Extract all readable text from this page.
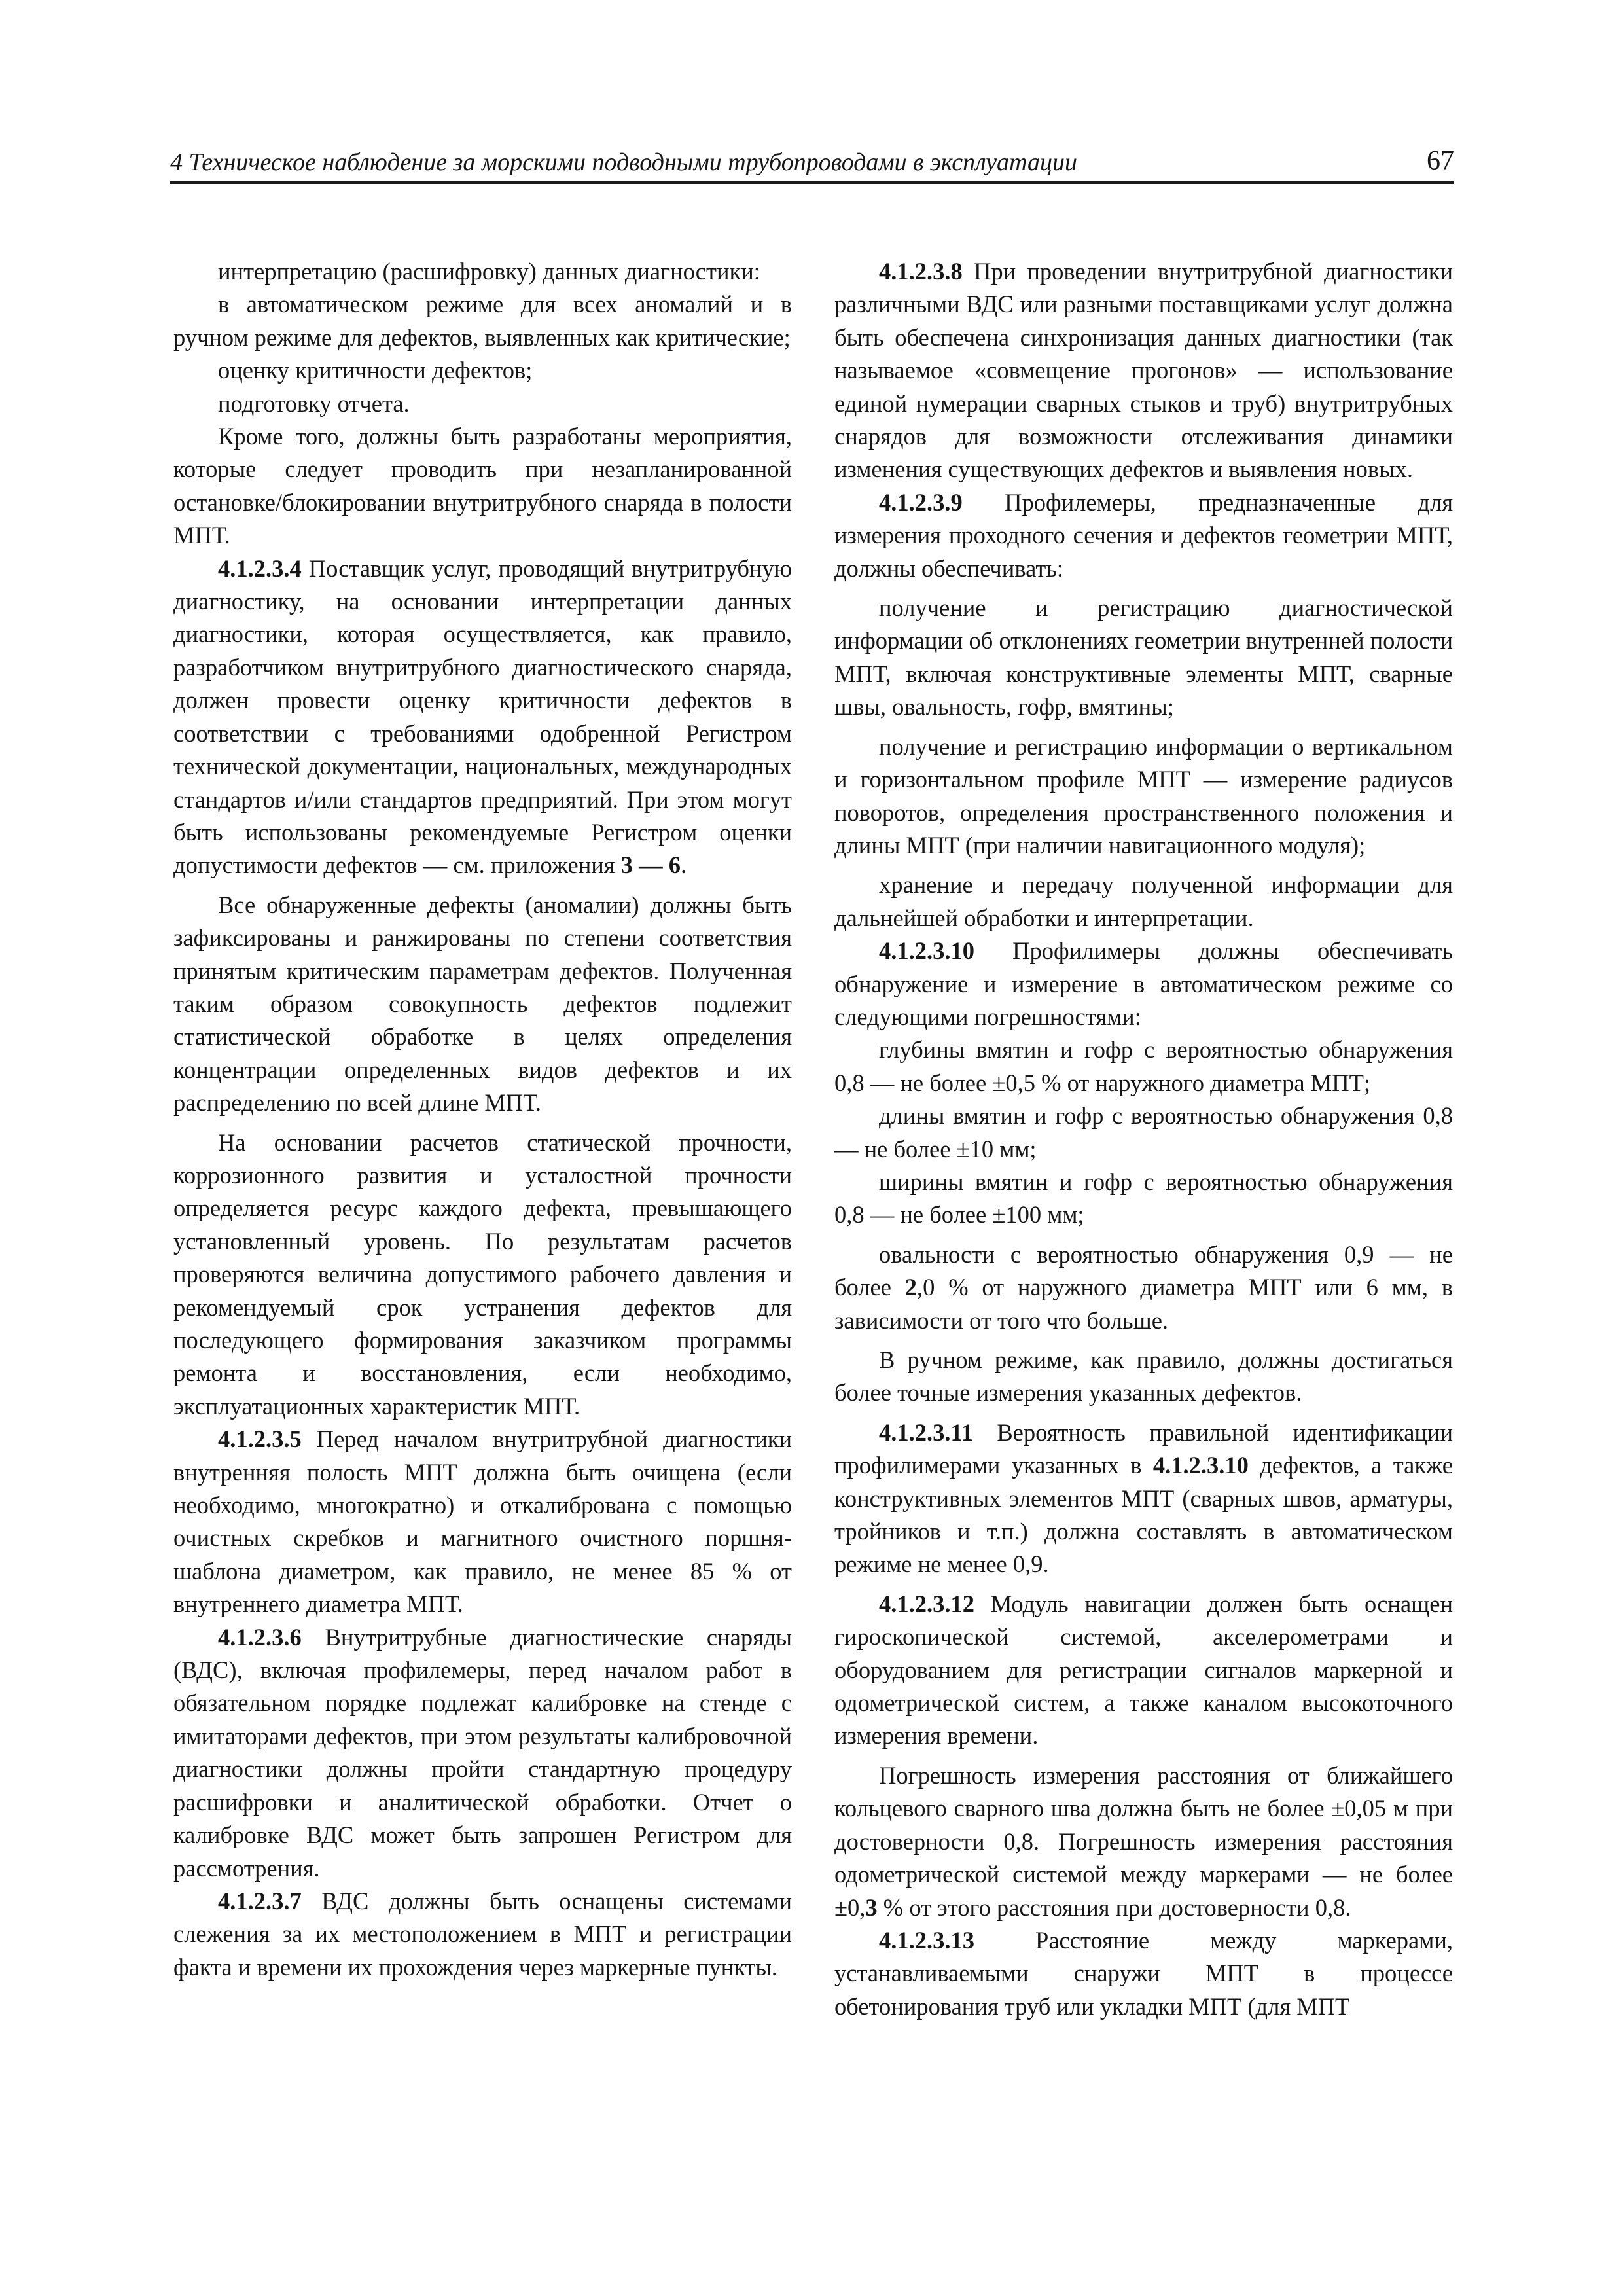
4 Техническое наблюдение за морскими подводными трубопроводами в эксплуатации	67

интерпретацию (расшифровку) данных диагностики:

в автоматическом режиме для всех аномалий и в ручном режиме для дефектов, выявленных как критические;

оценку критичности дефектов;

подготовку отчета.

Кроме того, должны быть разработаны мероприятия, которые следует проводить при незапланированной остановке/блокировании внутритрубного снаряда в полости МПТ.

4.1.2.3.4 Поставщик услуг, проводящий внутритрубную диагностику, на основании интерпретации данных диагностики, которая осуществляется, как правило, разработчиком внутритрубного диагностического снаряда, должен провести оценку критичности дефектов в соответствии с требованиями одобренной Регистром технической документации, национальных, международных стандартов и/или стандартов предприятий. При этом могут быть использованы рекомендуемые Регистром оценки допустимости дефектов — см. приложения 3 — 6.

Все обнаруженные дефекты (аномалии) должны быть зафиксированы и ранжированы по степени соответствия принятым критическим параметрам дефектов. Полученная таким образом совокупность дефектов подлежит статистической обработке в целях определения концентрации определенных видов дефектов и их распределению по всей длине МПТ.

На основании расчетов статической прочности, коррозионного развития и усталостной прочности определяется ресурс каждого дефекта, превышающего установленный уровень. По результатам расчетов проверяются величина допустимого рабочего давления и рекомендуемый срок устранения дефектов для последующего формирования заказчиком программы ремонта и восстановления, если необходимо, эксплуатационных характеристик МПТ.

4.1.2.3.5 Перед началом внутритрубной диагностики внутренняя полость МПТ должна быть очищена (если необходимо, многократно) и откалибрована с помощью очистных скребков и магнитного очистного поршня-шаблона диаметром, как правило, не менее 85 % от внутреннего диаметра МПТ.

4.1.2.3.6 Внутритрубные диагностические снаряды (ВДС), включая профилемеры, перед началом работ в обязательном порядке подлежат калибровке на стенде с имитаторами дефектов, при этом результаты калибровочной диагностики должны пройти стандартную процедуру расшифровки и аналитической обработки. Отчет о калибровке ВДС может быть запрошен Регистром для рассмотрения.

4.1.2.3.7 ВДС должны быть оснащены системами слежения за их местоположением в МПТ и регистрации факта и времени их прохождения через маркерные пункты.

4.1.2.3.8 При проведении внутритрубной диагностики различными ВДС или разными поставщиками услуг должна быть обеспечена синхронизация данных диагностики (так называемое «совмещение прогонов» — использование единой нумерации сварных стыков и труб) внутритрубных снарядов для возможности отслеживания динамики изменения существующих дефектов и выявления новых.

4.1.2.3.9 Профилемеры, предназначенные для измерения проходного сечения и дефектов геометрии МПТ, должны обеспечивать:

получение и регистрацию диагностической информации об отклонениях геометрии внутренней полости МПТ, включая конструктивные элементы МПТ, сварные швы, овальность, гофр, вмятины;

получение и регистрацию информации о вертикальном и горизонтальном профиле МПТ — измерение радиусов поворотов, определения пространственного положения и длины МПТ (при наличии навигационного модуля);

хранение и передачу полученной информации для дальнейшей обработки и интерпретации.

4.1.2.3.10 Профилимеры должны обеспечивать обнаружение и измерение в автоматическом режиме со следующими погрешностями:

глубины вмятин и гофр с вероятностью обнаружения 0,8 — не более ±0,5 % от наружного диаметра МПТ;

длины вмятин и гофр с вероятностью обнаружения 0,8 — не более ±10 мм;

ширины вмятин и гофр с вероятностью обнаружения 0,8 — не более ±100 мм;

овальности с вероятностью обнаружения 0,9 — не более 2,0 % от наружного диаметра МПТ или 6 мм, в зависимости от того что больше.

В ручном режиме, как правило, должны достигаться более точные измерения указанных дефектов.

4.1.2.3.11 Вероятность правильной идентификации профилимерами указанных в 4.1.2.3.10 дефектов, а также конструктивных элементов МПТ (сварных швов, арматуры, тройников и т.п.) должна составлять в автоматическом режиме не менее 0,9.

4.1.2.3.12 Модуль навигации должен быть оснащен гироскопической системой, акселерометрами и оборудованием для регистрации сигналов маркерной и одометрической систем, а также каналом высокоточного измерения времени.

Погрешность измерения расстояния от ближайшего кольцевого сварного шва должна быть не более ±0,05 м при достоверности 0,8. Погрешность измерения расстояния одометрической системой между маркерами — не более ±0,3 % от этого расстояния при достоверности 0,8.

4.1.2.3.13 Расстояние между маркерами, устанавливаемыми снаружи МПТ в процессе обетонирования труб или укладки МПТ (для МПТ
